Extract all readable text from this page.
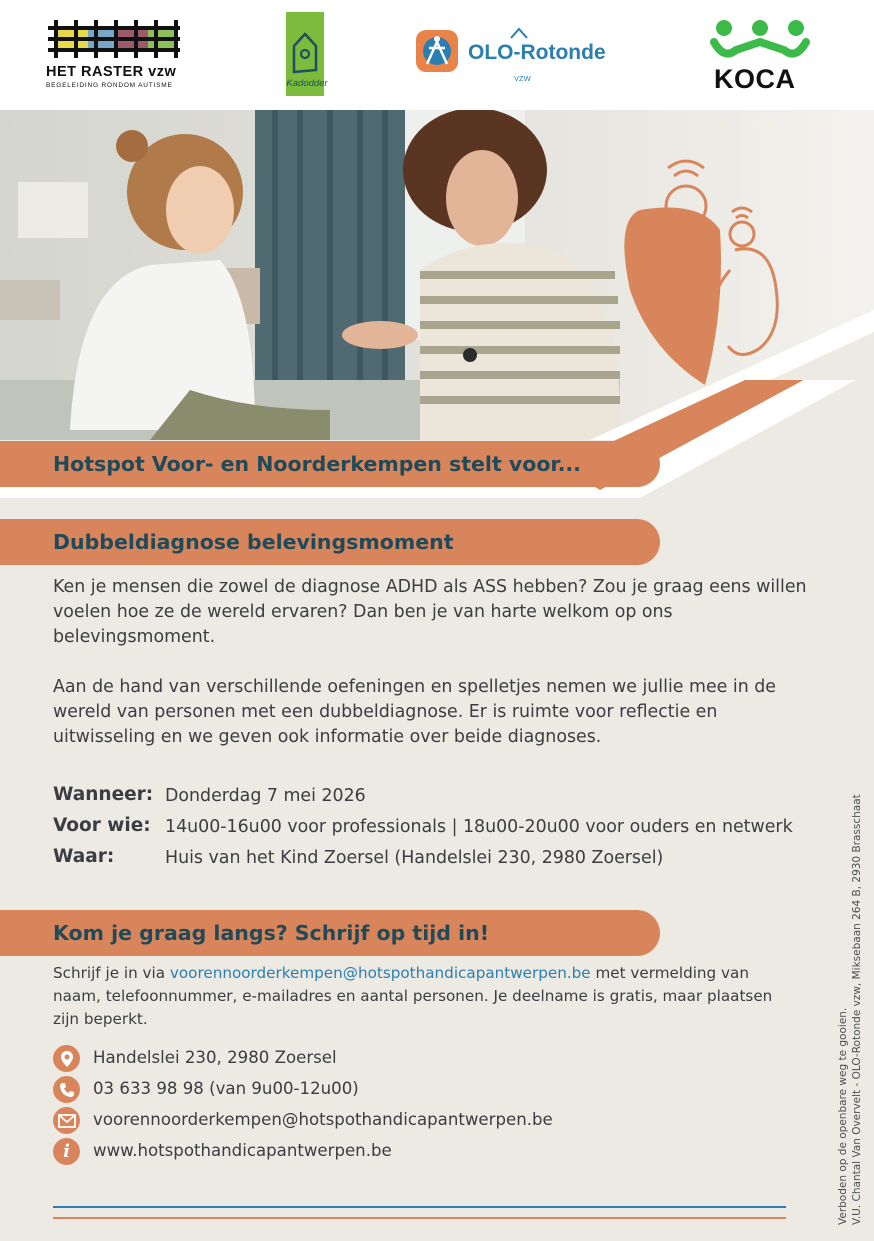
HET RASTER vzw
BEGELEIDING RONDOM AUTISME	Kadodder
OLO-Rotonde
VZW	KOCA
Hotspot Voor- en Noorderkempen stelt voor...
Dubbeldiagnose belevingsmoment
Ken je mensen die zowel de diagnose ADHD als ASS hebben? Zou je graag eens willen voelen hoe ze de wereld ervaren? Dan ben je van harte welkom op ons belevingsmoment.
Aan de hand van verschillende oefeningen en spelletjes nemen we jullie mee in de wereld van personen met een dubbeldiagnose. Er is ruimte voor reflectie en uitwisseling en we geven ook informatie over beide diagnoses.
Wanneer: Donderdag 7 mei 2026
Voor wie: 14u00-16u00 voor professionals | 18u00-20u00 voor ouders en netwerk
Waar:	Huis van het Kind Zoersel (Handelslei 230, 2980 Zoersel)
Kom je graag langs? Schrijf op tijd in!
Schrijf je in via voorennoorderkempen@hotspothandicapantwerpen.be met vermelding van naam, telefoonnummer, e-mailadres en aantal personen. Je deelname is gratis, maar plaatsen zijn beperkt.
Handelslei 230, 2980 Zoersel
03 633 98 98 (van 9u00-12u00)
voorennoorderkempen@hotspothandicapantwerpen.be
i www.hotspothandicapantwerpen.be	Verboden op de openbare weg te gooien. V.U. Chantal Van Overvelt - OLO-Rotonde vzw, Miksebaan 264 B, 2930 Brasschaat
